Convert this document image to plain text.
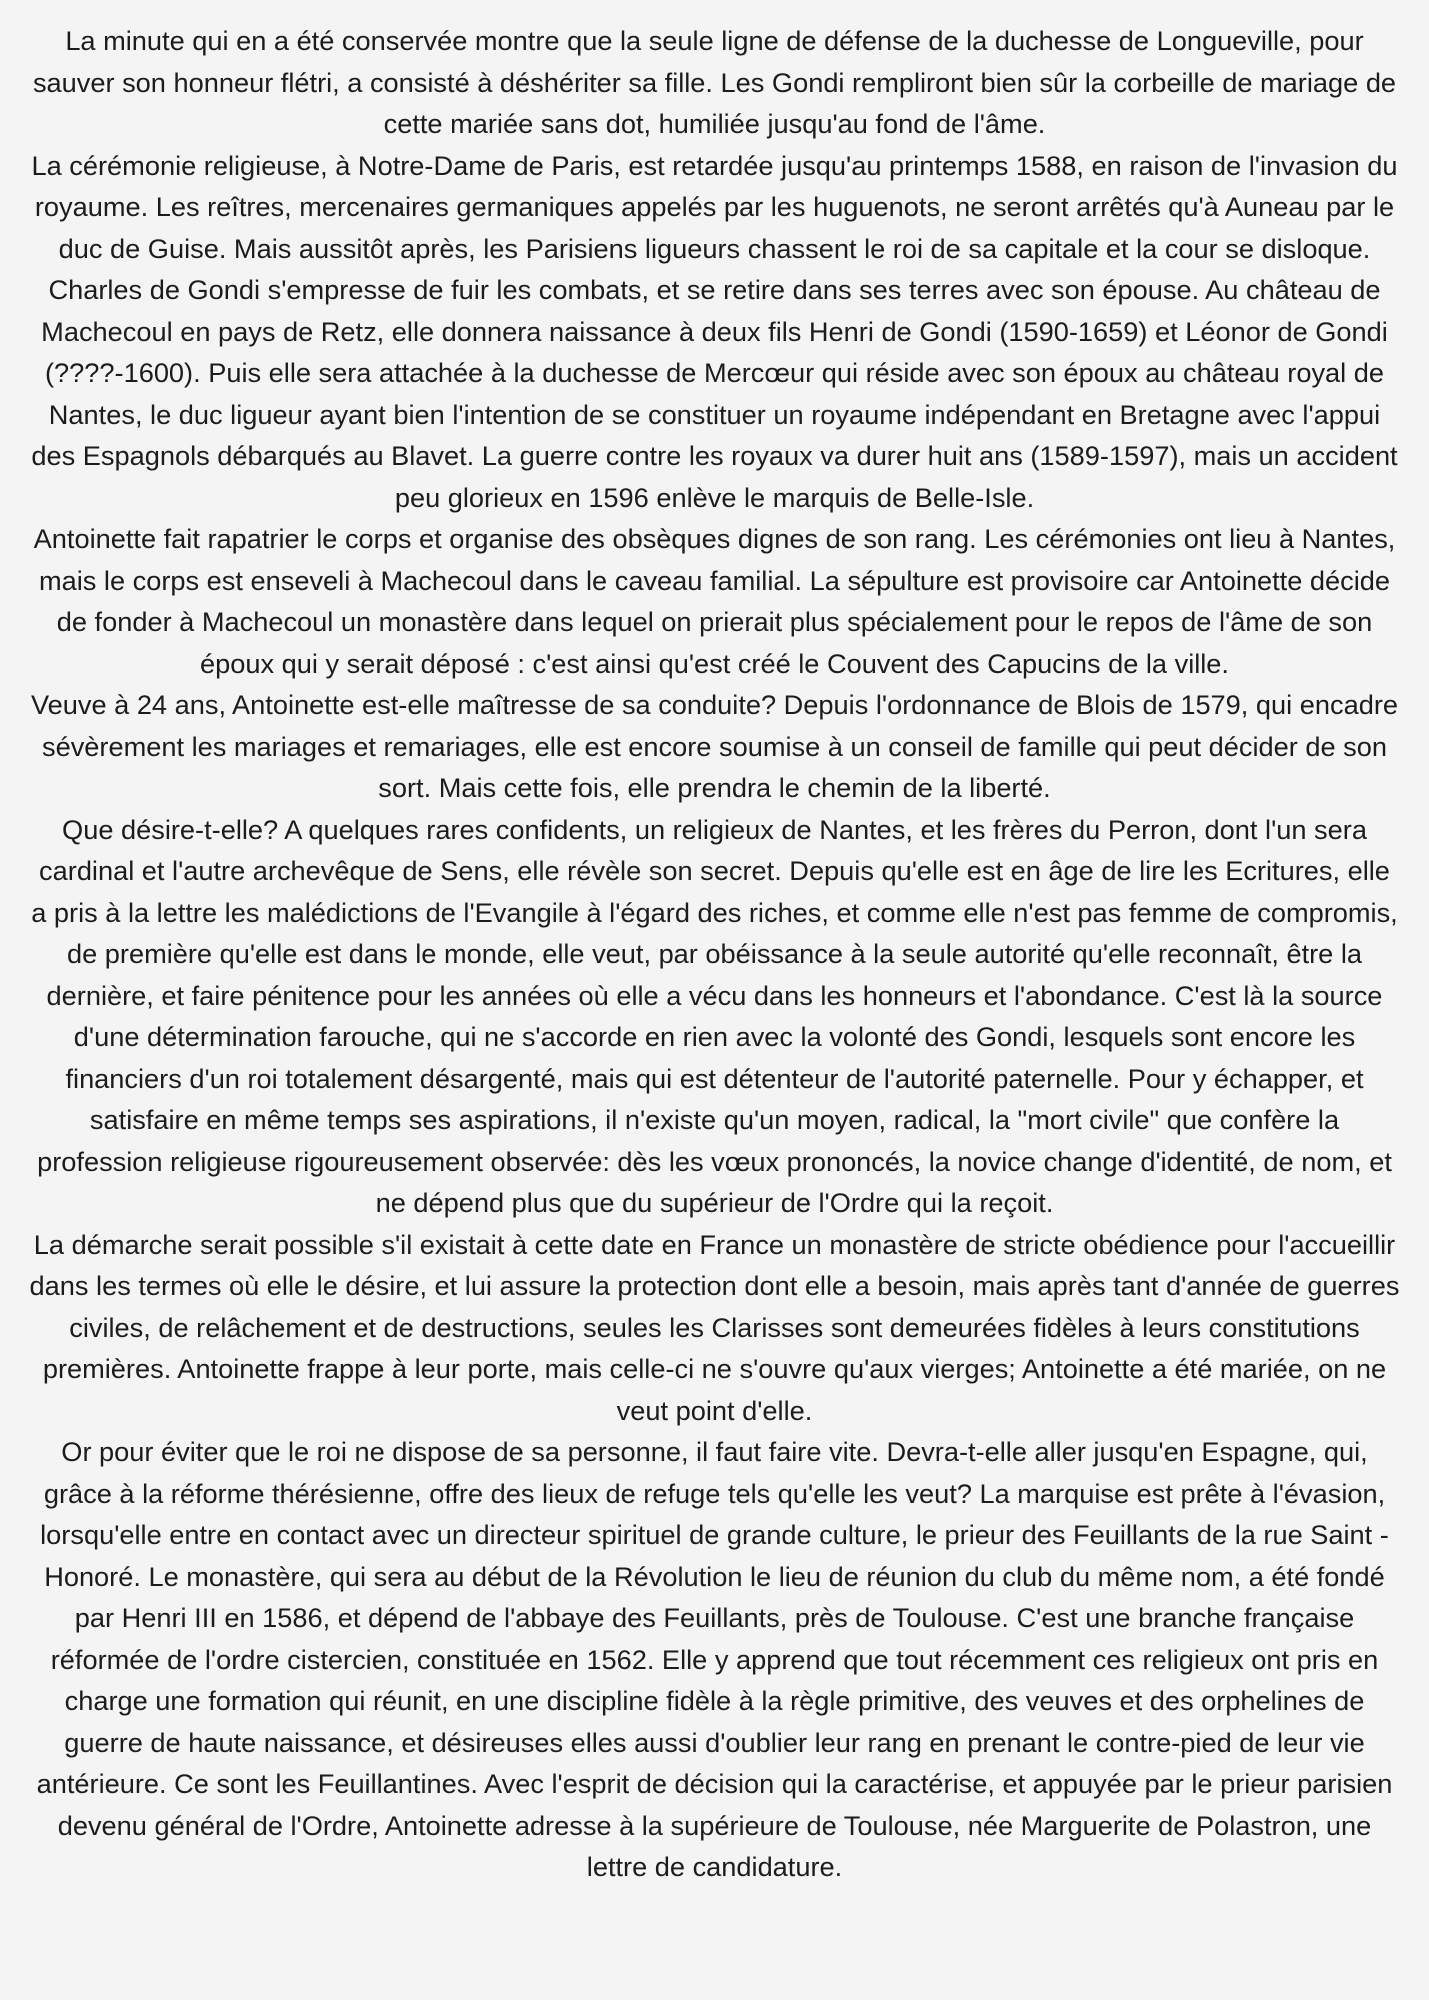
La minute qui en a été conservée montre que la seule ligne de défense de la duchesse de Longueville, pour sauver son honneur flétri, a consisté à déshériter sa fille. Les Gondi rempliront bien sûr la corbeille de mariage de cette mariée sans dot, humiliée jusqu'au fond de l'âme.

La cérémonie religieuse, à Notre-Dame de Paris, est retardée jusqu'au printemps 1588, en raison de l'invasion du royaume. Les reîtres, mercenaires germaniques appelés par les huguenots, ne seront arrêtés qu'à Auneau par le duc de Guise. Mais aussitôt après, les Parisiens ligueurs chassent le roi de sa capitale et la cour se disloque. Charles de Gondi s'empresse de fuir les combats, et se retire dans ses terres avec son épouse. Au château de Machecoul en pays de Retz, elle donnera naissance à deux fils Henri de Gondi (1590-1659) et Léonor de Gondi (????-1600). Puis elle sera attachée à la duchesse de Mercœur qui réside avec son époux au château royal de Nantes, le duc ligueur ayant bien l'intention de se constituer un royaume indépendant en Bretagne avec l'appui des Espagnols débarqués au Blavet. La guerre contre les royaux va durer huit ans (1589-1597), mais un accident peu glorieux en 1596 enlève le marquis de Belle-Isle.

Antoinette fait rapatrier le corps et organise des obsèques dignes de son rang. Les cérémonies ont lieu à Nantes, mais le corps est enseveli à Machecoul dans le caveau familial. La sépulture est provisoire car Antoinette décide de fonder à Machecoul un monastère dans lequel on prierait plus spécialement pour le repos de l'âme de son époux qui y serait déposé : c'est ainsi qu'est créé le Couvent des Capucins de la ville.

Veuve à 24 ans, Antoinette est-elle maîtresse de sa conduite? Depuis l'ordonnance de Blois de 1579, qui encadre sévèrement les mariages et remariages, elle est encore soumise à un conseil de famille qui peut décider de son sort. Mais cette fois, elle prendra le chemin de la liberté.

Que désire-t-elle? A quelques rares confidents, un religieux de Nantes, et les frères du Perron, dont l'un sera cardinal et l'autre archevêque de Sens, elle révèle son secret. Depuis qu'elle est en âge de lire les Ecritures, elle a pris à la lettre les malédictions de l'Evangile à l'égard des riches, et comme elle n'est pas femme de compromis, de première qu'elle est dans le monde, elle veut, par obéissance à la seule autorité qu'elle reconnaît, être la dernière, et faire pénitence pour les années où elle a vécu dans les honneurs et l'abondance. C'est là la source d'une détermination farouche, qui ne s'accorde en rien avec la volonté des Gondi, lesquels sont encore les financiers d'un roi totalement désargenté, mais qui est détenteur de l'autorité paternelle. Pour y échapper, et satisfaire en même temps ses aspirations, il n'existe qu'un moyen, radical, la "mort civile" que confère la profession religieuse rigoureusement observée: dès les vœux prononcés, la novice change d'identité, de nom, et ne dépend plus que du supérieur de l'Ordre qui la reçoit.

La démarche serait possible s'il existait à cette date en France un monastère de stricte obédience pour l'accueillir dans les termes où elle le désire, et lui assure la protection dont elle a besoin, mais après tant d'année de guerres civiles, de relâchement et de destructions, seules les Clarisses sont demeurées fidèles à leurs constitutions premières. Antoinette frappe à leur porte, mais celle-ci ne s'ouvre qu'aux vierges; Antoinette a été mariée, on ne veut point d'elle.

Or pour éviter que le roi ne dispose de sa personne, il faut faire vite. Devra-t-elle aller jusqu'en Espagne, qui, grâce à la réforme thérésienne, offre des lieux de refuge tels qu'elle les veut? La marquise est prête à l'évasion, lorsqu'elle entre en contact avec un directeur spirituel de grande culture, le prieur des Feuillants de la rue Saint - Honoré. Le monastère, qui sera au début de la Révolution le lieu de réunion du club du même nom, a été fondé par Henri III en 1586, et dépend de l'abbaye des Feuillants, près de Toulouse. C'est une branche française réformée de l'ordre cistercien, constituée en 1562. Elle y apprend que tout récemment ces religieux ont pris en charge une formation qui réunit, en une discipline fidèle à la règle primitive, des veuves et des orphelines de guerre de haute naissance, et désireuses elles aussi d'oublier leur rang en prenant le contre-pied de leur vie antérieure. Ce sont les Feuillantines. Avec l'esprit de décision qui la caractérise, et appuyée par le prieur parisien devenu général de l'Ordre, Antoinette adresse à la supérieure de Toulouse, née Marguerite de Polastron, une lettre de candidature.
